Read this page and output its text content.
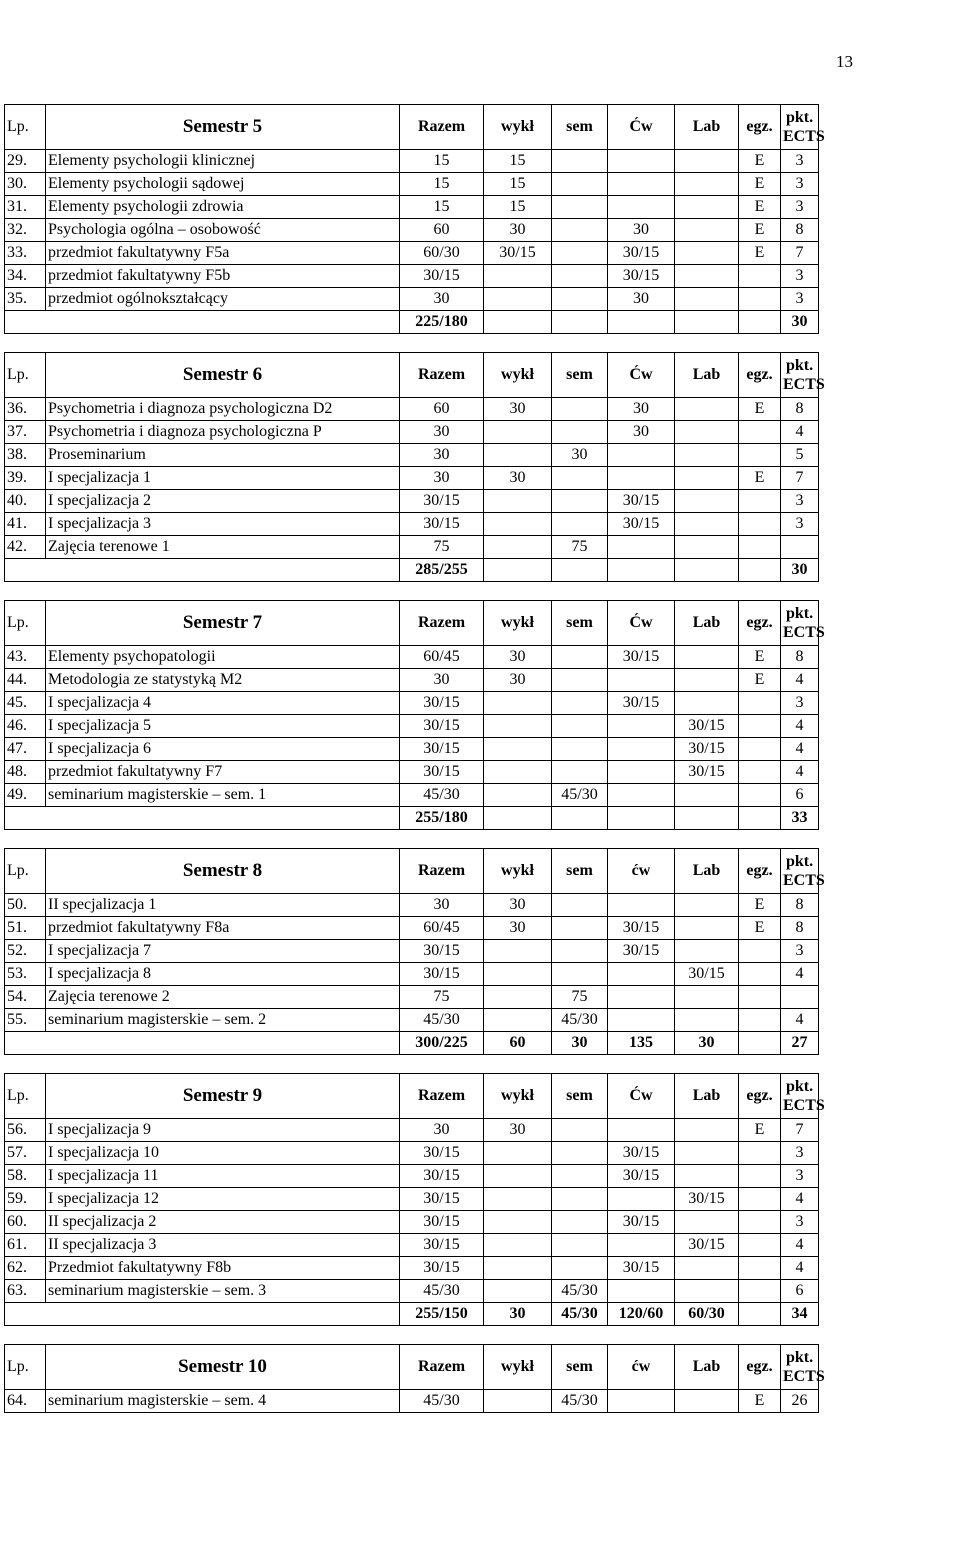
13
Lp.	Semestr 5	Razem	wykł	sem	Ćw	Lab	egz.	pkt.
ECTS

29.	Elementy psychologii klinicznej	15	15				E	3
30.	Elementy psychologii sądowej	15	15				E	3
31.	Elementy psychologii zdrowia	15	15				E	3
32.	Psychologia ogólna – osobowość	60	30		30		E	8
33.	przedmiot fakultatywny F5a	60/30	30/15		30/15		E	7
34.	przedmiot fakultatywny F5b	30/15			30/15			3
35.	przedmiot ogólnokształcący	30			30			3
		225/180						30
Lp.	Semestr 6	Razem	wykł	sem	Ćw	Lab	egz.	pkt.
ECTS

36.	Psychometria i diagnoza psychologiczna D2	60	30		30		E	8
37.	Psychometria i diagnoza psychologiczna P	30			30			4
38.	Proseminarium	30		30				5
39.	I specjalizacja 1	30	30				E	7
40.	I specjalizacja 2	30/15			30/15			3
41.	I specjalizacja 3	30/15			30/15			3
42.	Zajęcia terenowe 1	75		75				
		285/255						30
Lp.	Semestr 7	Razem	wykł	sem	Ćw	Lab	egz.	pkt.
ECTS

43.	Elementy psychopatologii	60/45	30		30/15		E	8
44.	Metodologia ze statystyką M2	30	30				E	4
45.	I specjalizacja 4	30/15			30/15			3
46.	I specjalizacja 5	30/15				30/15		4
47.	I specjalizacja 6	30/15				30/15		4
48.	przedmiot fakultatywny F7	30/15				30/15		4
49.	seminarium magisterskie – sem. 1	45/30		45/30				6
		255/180						33
Lp.	Semestr 8	Razem	wykł	sem	ćw	Lab	egz.	pkt.
ECTS

50.	II specjalizacja 1	30	30				E	8
51.	przedmiot fakultatywny F8a	60/45	30		30/15		E	8
52.	I specjalizacja 7	30/15			30/15			3
53.	I specjalizacja 8	30/15				30/15		4
54.	Zajęcia terenowe 2	75		75				
55.	seminarium magisterskie – sem. 2	45/30		45/30				4
		300/225	60	30	135	30		27
Lp.	Semestr 9	Razem	wykł	sem	Ćw	Lab	egz.	pkt.
ECTS

56.	I specjalizacja 9	30	30				E	7
57.	I specjalizacja 10	30/15			30/15			3
58.	I specjalizacja 11	30/15			30/15			3
59.	I specjalizacja 12	30/15				30/15		4
60.	II specjalizacja 2	30/15			30/15			3
61.	II specjalizacja 3	30/15				30/15		4
62.	Przedmiot fakultatywny F8b	30/15			30/15			4
63.	seminarium magisterskie – sem. 3	45/30		45/30				6
		255/150	30	45/30	120/60	60/30		34
Lp.	Semestr 10	Razem	wykł	sem	ćw	Lab	egz.	pkt.
ECTS

64.	seminarium magisterskie – sem. 4	45/30		45/30			E	26
